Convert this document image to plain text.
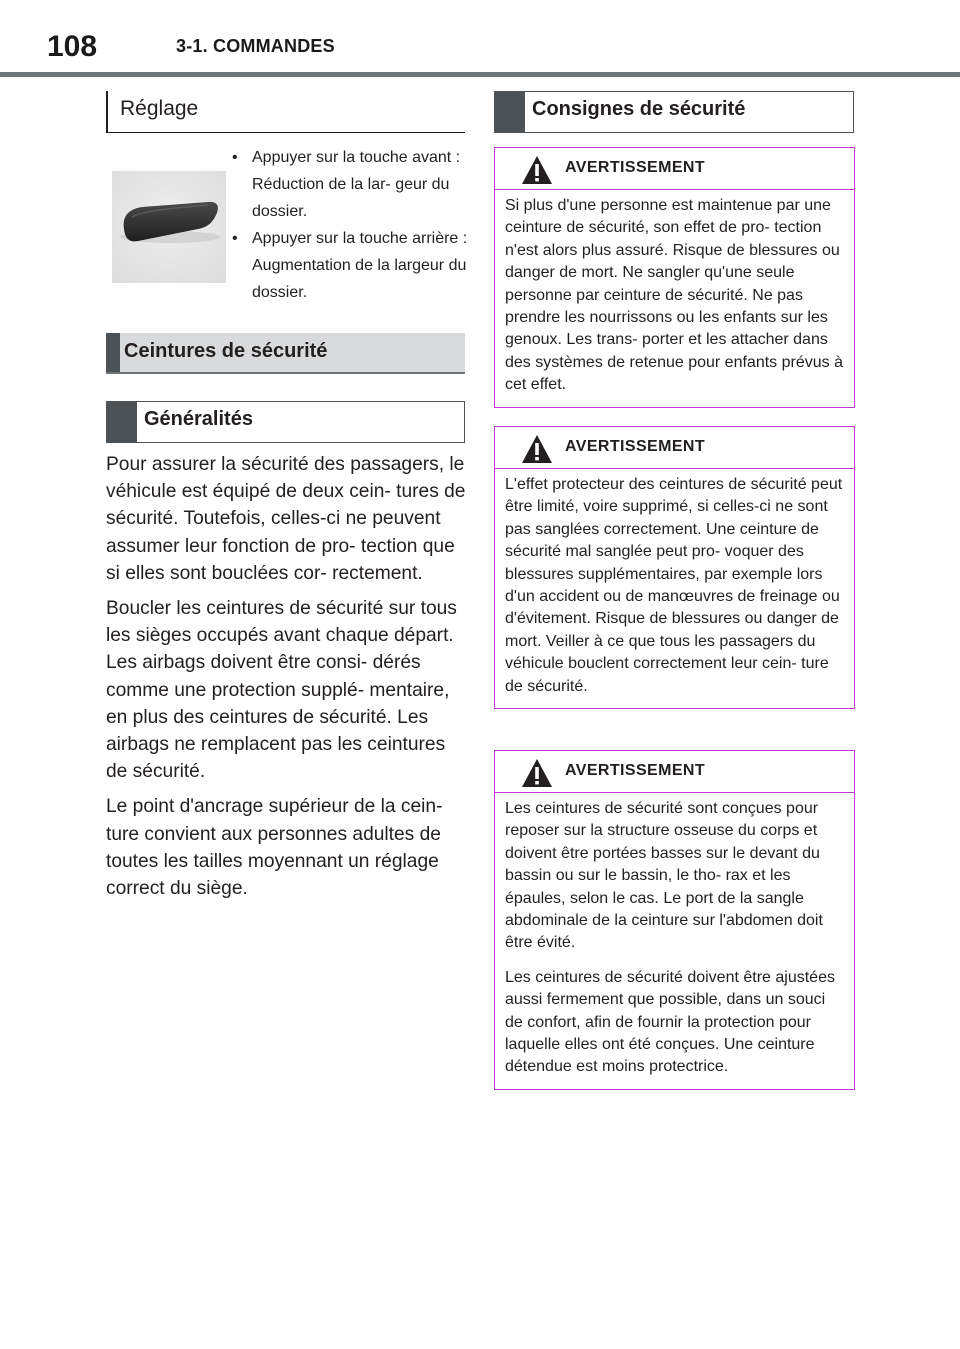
108	3-1. COMMANDES
Réglage
• Appuyer sur la touche avant : Réduction de la lar- geur du dossier.
• Appuyer sur la touche arrière : Augmentation de la largeur du dossier.
Ceintures de sécurité
Généralités

Pour assurer la sécurité des passagers, le véhicule est équipé de deux cein- tures de sécurité. Toutefois, celles-ci ne peuvent assumer leur fonction de pro- tection que si elles sont bouclées cor- rectement.

Boucler les ceintures de sécurité sur tous les sièges occupés avant chaque départ. Les airbags doivent être consi- dérés comme une protection supplé- mentaire, en plus des ceintures de sécurité. Les airbags ne remplacent pas les ceintures de sécurité.

Le point d'ancrage supérieur de la cein- ture convient aux personnes adultes de toutes les tailles moyennant un réglage correct du siège.

Consignes de sécurité
AVERTISSEMENT

Si plus d'une personne est maintenue par une ceinture de sécurité, son effet de pro- tection n'est alors plus assuré. Risque de blessures ou danger de mort. Ne sangler qu'une seule personne par ceinture de sécurité. Ne pas prendre les nourrissons ou les enfants sur les genoux. Les trans- porter et les attacher dans des systèmes de retenue pour enfants prévus à cet effet.

AVERTISSEMENT

L'effet protecteur des ceintures de sécurité peut être limité, voire supprimé, si celles-ci ne sont pas sanglées correctement. Une ceinture de sécurité mal sanglée peut pro- voquer des blessures supplémentaires, par exemple lors d'un accident ou de manœuvres de freinage ou d'évitement. Risque de blessures ou danger de mort. Veiller à ce que tous les passagers du véhicule bouclent correctement leur cein- ture de sécurité.

AVERTISSEMENT

Les ceintures de sécurité sont conçues pour reposer sur la structure osseuse du corps et doivent être portées basses sur le devant du bassin ou sur le bassin, le tho- rax et les épaules, selon le cas. Le port de la sangle abdominale de la ceinture sur l'abdomen doit être évité.

Les ceintures de sécurité doivent être ajustées aussi fermement que possible, dans un souci de confort, afin de fournir la protection pour laquelle elles ont été conçues. Une ceinture détendue est moins protectrice.
